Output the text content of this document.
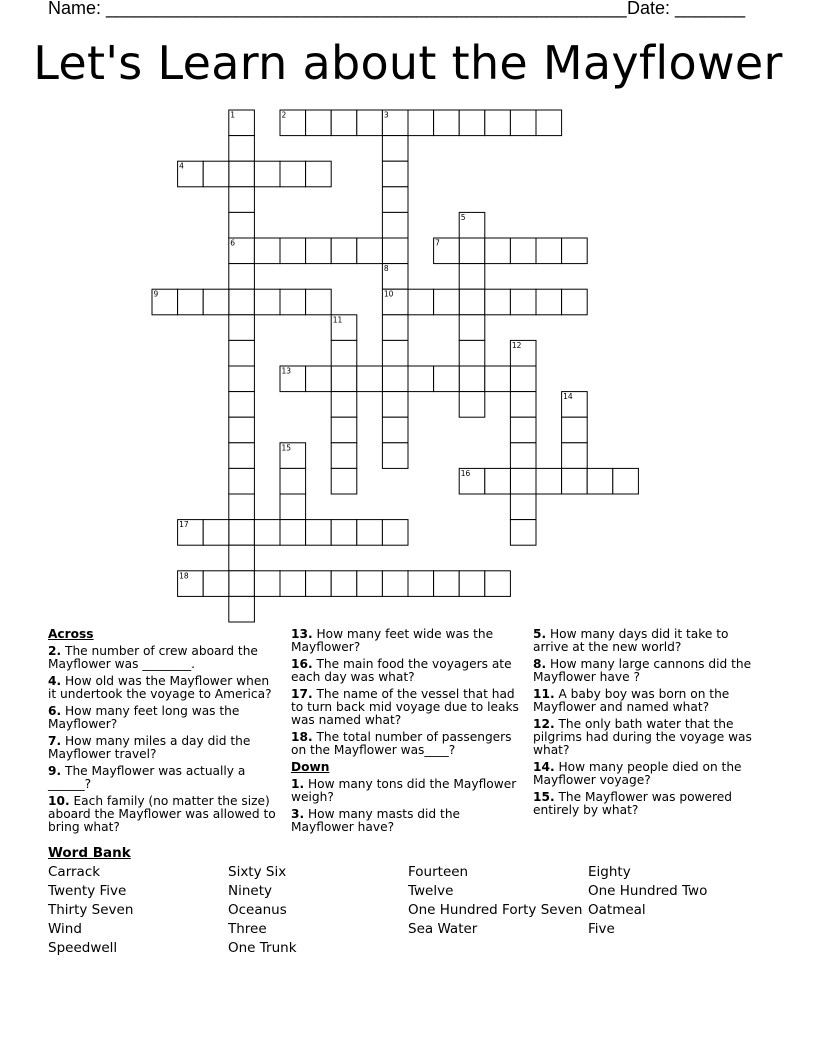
Name: ____________________________________________________ Date: _______
Let's Learn about the Mayflower
1	2	3
4
5
6	7
8
9	10
11
12
13
14
15
16
17
18
Across
2. The number of crew aboard the Mayflower was ________.
4. How old was the Mayflower when it undertook the voyage to America?
6. How many feet long was the Mayflower?
7. How many miles a day did the Mayflower travel?
9. The Mayflower was actually a ______?
10. Each family (no matter the size) aboard the Mayflower was allowed to bring what?
13. How many feet wide was the Mayflower?
16. The main food the voyagers ate each day was what?
17. The name of the vessel that had to turn back mid voyage due to leaks was named what?
18. The total number of passengers on the Mayflower was____?
Down
1. How many tons did the Mayflower weigh?
3. How many masts did the Mayflower have?
5. How many days did it take to arrive at the new world?
8. How many large cannons did the Mayflower have ?
11. A baby boy was born on the Mayflower and named what?
12. The only bath water that the pilgrims had during the voyage was what?
14. How many people died on the Mayflower voyage?
15. The Mayflower was powered entirely by what?
Word Bank
Carrack
Twenty Five
Thirty Seven
Wind
Speedwell
Sixty Six
Ninety
Oceanus
Three
One Trunk
Fourteen
Twelve
One Hundred Forty Seven
Sea Water
Eighty
One Hundred Two
Oatmeal
Five
